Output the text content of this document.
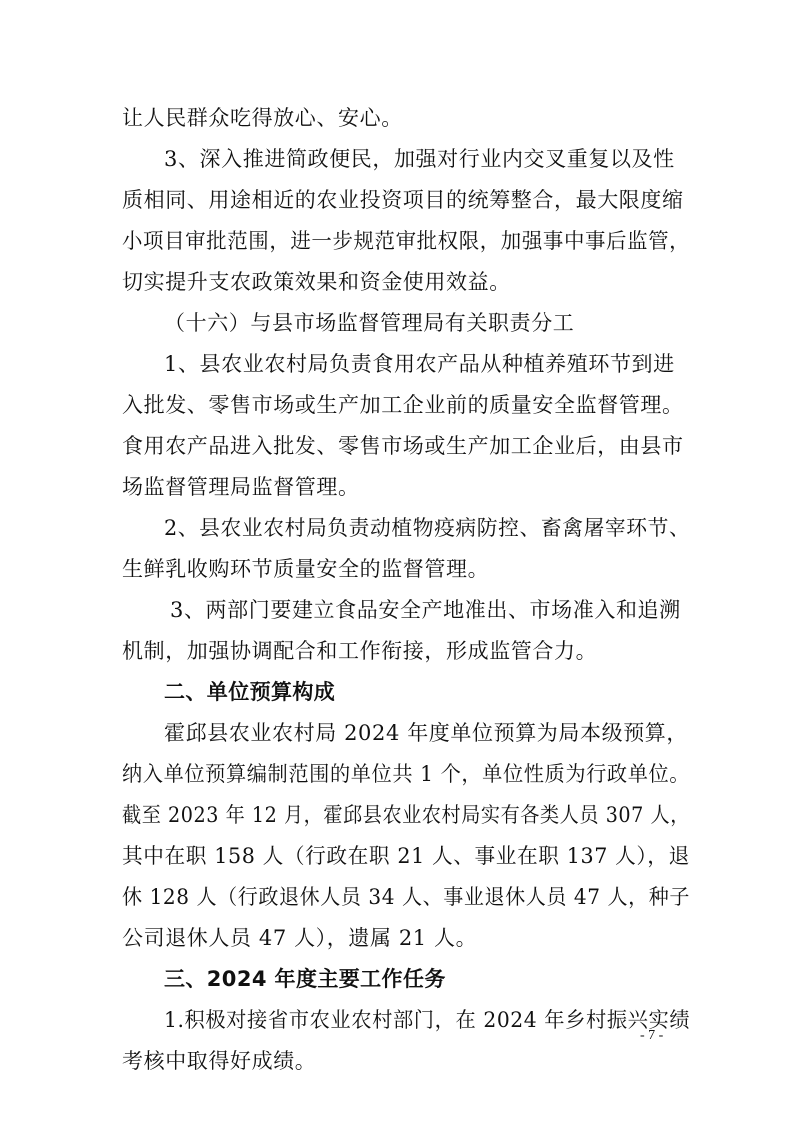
让人民群众吃得放心、安心。
3、深入推进简政便民，加强对行业内交叉重复以及性
质相同、用途相近的农业投资项目的统筹整合，最大限度缩
小项目审批范围，进一步规范审批权限，加强事中事后监管，
切实提升支农政策效果和资金使用效益。
（十六）与县市场监督管理局有关职责分工
1、县农业农村局负责食用农产品从种植养殖环节到进
入批发、零售市场或生产加工企业前的质量安全监督管理。
食用农产品进入批发、零售市场或生产加工企业后，由县市
场监督管理局监督管理。
2、县农业农村局负责动植物疫病防控、畜禽屠宰环节、
生鲜乳收购环节质量安全的监督管理。
3、两部门要建立食品安全产地准出、市场准入和追溯
机制，加强协调配合和工作衔接，形成监管合力。
二、单位预算构成
霍邱县农业农村局 2024 年度单位预算为局本级预算，
纳入单位预算编制范围的单位共 1 个，单位性质为行政单位。
截至 2023 年 12 月，霍邱县农业农村局实有各类人员 307 人，
其中在职 158 人（行政在职 21 人、事业在职 137 人），退
休 128 人（行政退休人员 34 人、事业退休人员 47 人，种子
公司退休人员 47 人），遗属 21 人。
三、2024 年度主要工作任务
1.积极对接省市农业农村部门，在 2024 年乡村振兴实绩
考核中取得好成绩。
- 7 -
